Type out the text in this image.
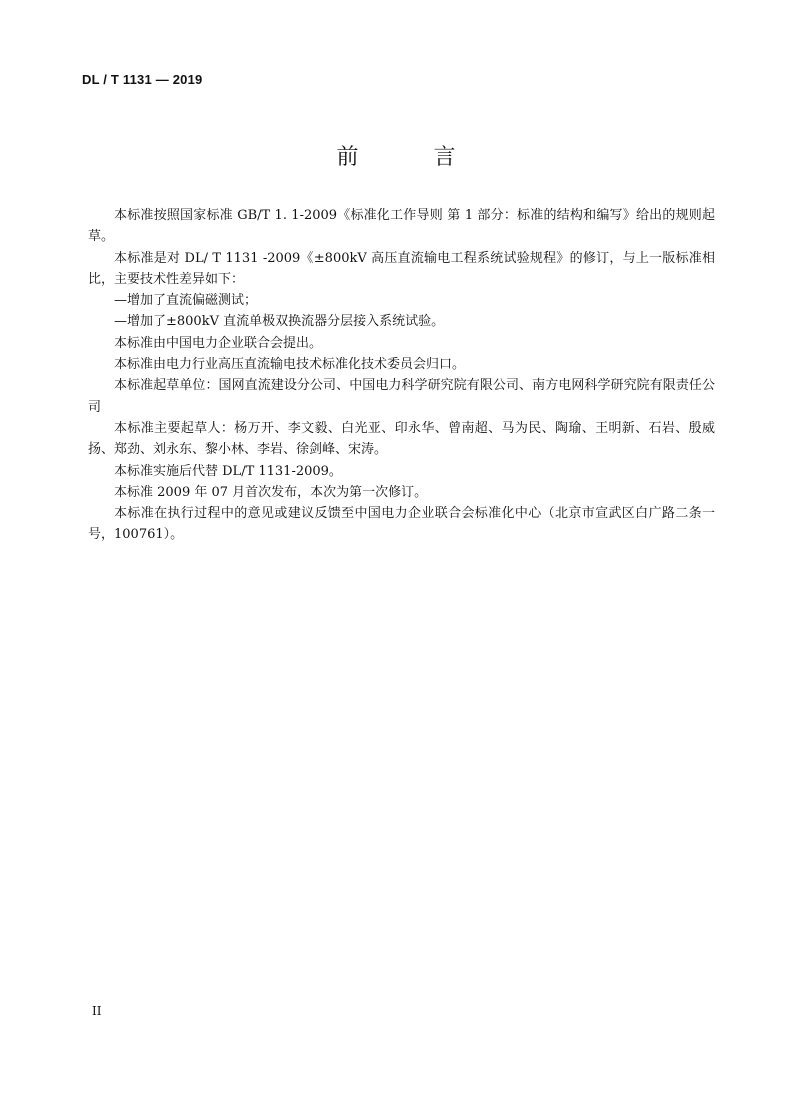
DL / T 1131 — 2019
前 言

本标准按照国家标准 GB/T 1. 1-2009《标准化工作导则 第 1 部分：标准的结构和编写》给出的规则起草。

本标准是对 DL/ T 1131 -2009《±800kV 高压直流输电工程系统试验规程》的修订，与上一版标准相比，主要技术性差异如下：

—增加了直流偏磁测试；

—增加了±800kV 直流单极双换流器分层接入系统试验。

本标准由中国电力企业联合会提出。

本标准由电力行业高压直流输电技术标准化技术委员会归口。

本标准起草单位：国网直流建设分公司、中国电力科学研究院有限公司、南方电网科学研究院有限责任公司

本标准主要起草人：杨万开、李文毅、白光亚、印永华、曾南超、马为民、陶瑜、王明新、石岩、殷威扬、郑劲、刘永东、黎小林、李岩、徐剑峰、宋涛。

本标准实施后代替 DL/T 1131-2009。

本标准 2009 年 07 月首次发布，本次为第一次修订。

本标准在执行过程中的意见或建议反馈至中国电力企业联合会标准化中心（北京市宣武区白广路二条一号，100761）。

II
